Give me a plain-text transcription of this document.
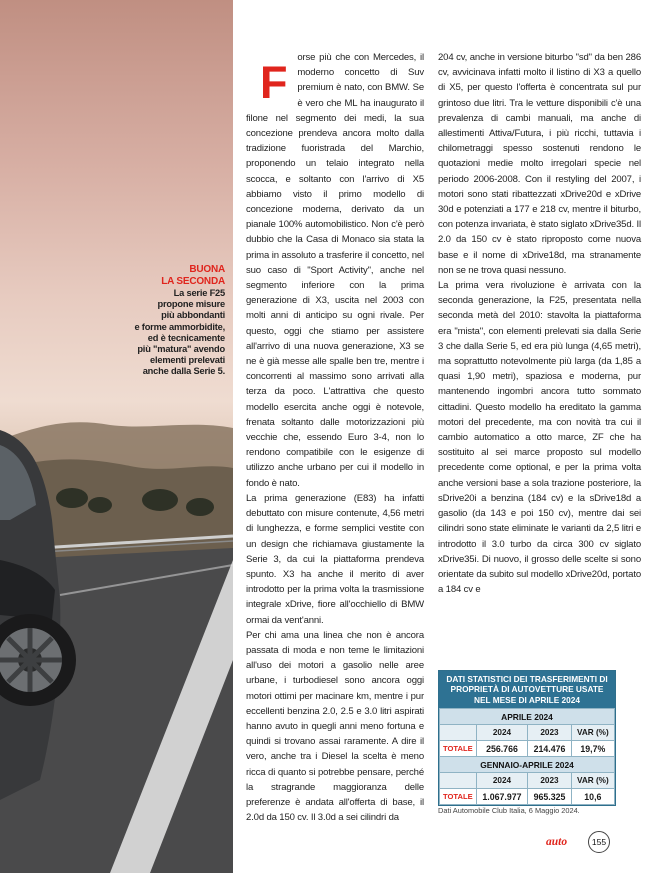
BUONA
LA SECONDA
La serie F25
propone misure
più abbondanti
e forme ammorbidite,
ed è tecnicamente
più "matura" avendo
elementi prelevati
anche dalla Serie 5.

F orse più che con Mercedes, il moderno concetto di Suv premium è nato, con BMW. Se è vero che ML ha inaugurato il filone nel segmento dei medi, la sua concezione prendeva ancora molto dalla tradizione fuoristrada del Marchio, proponendo un telaio integrato nella scocca, e soltanto con l'arrivo di X5 abbiamo visto il primo modello di concezione moderna, derivato da un pianale 100% automobilistico. Non c'è però dubbio che la Casa di Monaco sia stata la prima in assoluto a trasferire il concetto, nel suo caso di "Sport Activity", anche nel segmento inferiore con la prima generazione di X3, uscita nel 2003 con molti anni di anticipo su ogni rivale. Per questo, oggi che stiamo per assistere all'arrivo di una nuova generazione, X3 se ne è già messe alle spalle ben tre, mentre i concorrenti al massimo sono arrivati alla terza da poco. L'attrattiva che questo modello esercita anche oggi è notevole, frenata soltanto dalle motorizzazioni più vecchie che, essendo Euro 3-4, non lo rendono compatibile con le esigenze di utilizzo anche urbano per cui il modello in fondo è nato.

La prima generazione (E83) ha infatti debuttato con misure contenute, 4,56 metri di lunghezza, e forme semplici vestite con un design che richiamava giustamente la Serie 3, da cui la piattaforma prendeva spunto. X3 ha anche il merito di aver introdotto per la prima volta la trasmissione integrale xDrive, fiore all'occhiello di BMW ormai da vent'anni.

Per chi ama una linea che non è ancora passata di moda e non teme le limitazioni all'uso dei motori a gasolio nelle aree urbane, i turbodiesel sono ancora oggi motori ottimi per macinare km, mentre i pur eccellenti benzina 2.0, 2.5 e 3.0 litri aspirati hanno avuto in quegli anni meno fortuna e quindi si trovano assai raramente. A dire il vero, anche tra i Diesel la scelta è meno ricca di quanto si potrebbe pensare, perché la stragrande maggioranza delle preferenze è andata all'offerta di base, il 2.0d da 150 cv. Il 3.0d a sei cilindri da

204 cv, anche in versione biturbo "sd" da ben 286 cv, avvicinava infatti molto il listino di X3 a quello di X5, per questo l'offerta è concentrata sul pur grintoso due litri. Tra le vetture disponibili c'è una prevalenza di cambi manuali, ma anche di allestimenti Attiva/Futura, i più ricchi, tuttavia i chilometraggi spesso sostenuti rendono le quotazioni medie molto irregolari specie nel periodo 2006-2008. Con il restyling del 2007, i motori sono stati ribattezzati xDrive20d e xDrive 30d e potenziati a 177 e 218 cv, mentre il biturbo, con potenza invariata, è stato siglato xDrive35d. Il 2.0 da 150 cv è stato riproposto come nuova base e il nome di xDrive18d, ma stranamente non se ne trova quasi nessuno.

La prima vera rivoluzione è arrivata con la seconda generazione, la F25, presentata nella seconda metà del 2010: stavolta la piattaforma era "mista", con elementi prelevati sia dalla Serie 3 che dalla Serie 5, ed era più lunga (4,65 metri), ma soprattutto notevolmente più larga (da 1,85 a quasi 1,90 metri), spaziosa e moderna, pur mantenendo ingombri ancora tutto sommato cittadini. Questo modello ha ereditato la gamma motori del precedente, ma con novità tra cui il cambio automatico a otto marce, ZF che ha sostituito al sei marce proposto sul modello precedente come optional, e per la prima volta anche versioni base a sola trazione posteriore, la sDrive20i a benzina (184 cv) e la sDrive18d a gasolio (da 143 e poi 150 cv), mentre dai sei cilindri sono state eliminate le varianti da 2,5 litri e introdotto il 3.0 turbo da circa 300 cv siglato xDrive35i. Di nuovo, il grosso delle scelte si sono orientate da subito sul modello xDrive20d, portato a 184 cv e

DATI STATISTICI DEI TRASFERIMENTI DI PROPRIETÀ DI AUTOVETTURE USATE NEL MESE DI APRILE 2024
APRILE 2024			
	2024	2023	VAR (%)
TOTALE	256.766	214.476	19,7%
GENNAIO-APRILE 2024			
	2024	2023	VAR (%)
TOTALE	1.067.977	965.325	10,6
Dati Automobile Club Italia, 6 Maggio 2024.
auto	155
